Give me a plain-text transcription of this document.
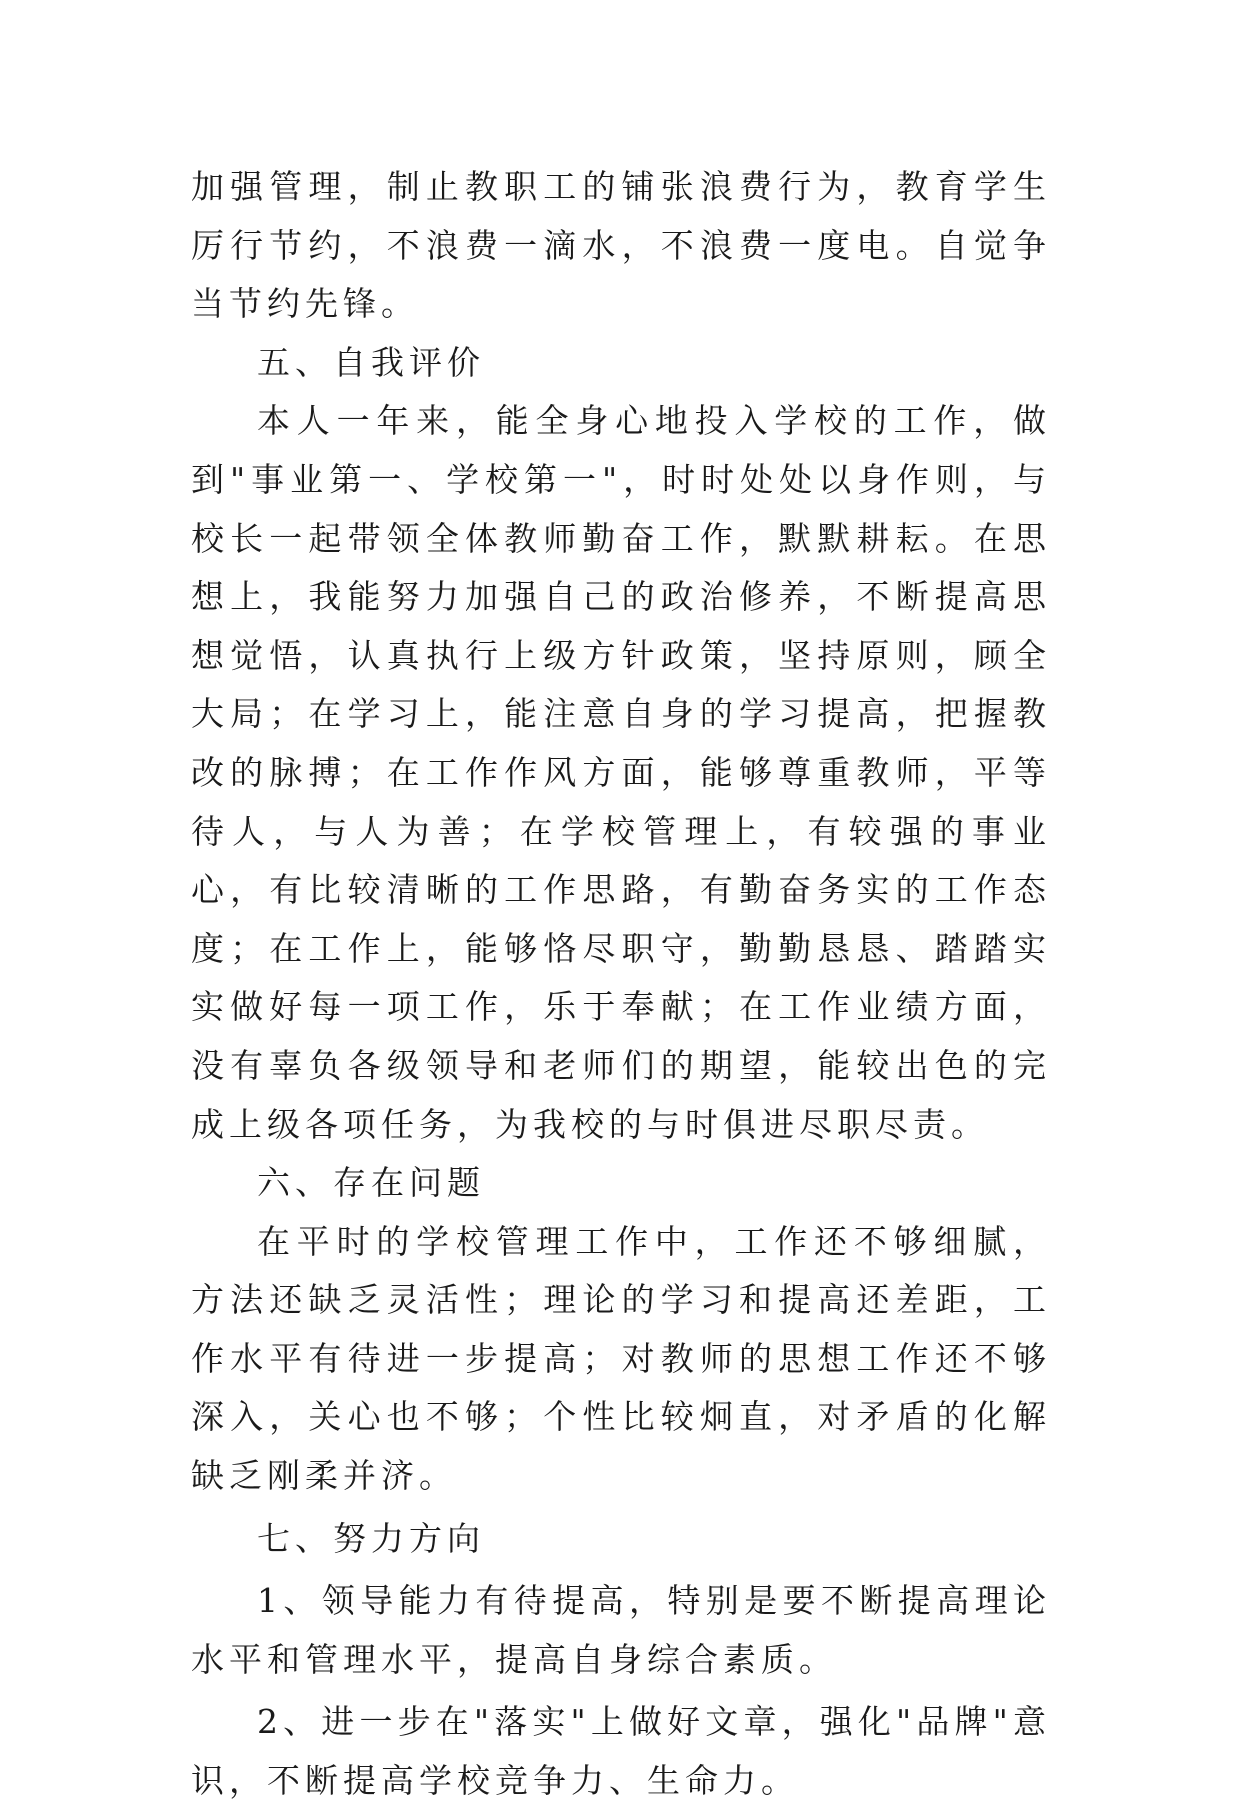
加强管理，制止教职工的铺张浪费行为，教育学生厉行节约，不浪费一滴水，不浪费一度电。自觉争当节约先锋。

五、自我评价

本人一年来，能全身心地投入学校的工作，做到"事业第一、学校第一"，时时处处以身作则，与校长一起带领全体教师勤奋工作，默默耕耘。在思想上，我能努力加强自己的政治修养，不断提高思想觉悟，认真执行上级方针政策，坚持原则，顾全大局；在学习上，能注意自身的学习提高，把握教改的脉搏；在工作作风方面，能够尊重教师，平等待人，与人为善；在学校管理上，有较强的事业心，有比较清晰的工作思路，有勤奋务实的工作态度；在工作上，能够恪尽职守，勤勤恳恳、踏踏实实做好每一项工作，乐于奉献；在工作业绩方面，没有辜负各级领导和老师们的期望，能较出色的完成上级各项任务，为我校的与时俱进尽职尽责。

六、存在问题

在平时的学校管理工作中，工作还不够细腻，方法还缺乏灵活性；理论的学习和提高还差距，工作水平有待进一步提高；对教师的思想工作还不够深入，关心也不够；个性比较炯直，对矛盾的化解缺乏刚柔并济。

七、努力方向

1、领导能力有待提高，特别是要不断提高理论水平和管理水平，提高自身综合素质。

2、进一步在"落实"上做好文章，强化"品牌"意识，不断提高学校竞争力、生命力。
